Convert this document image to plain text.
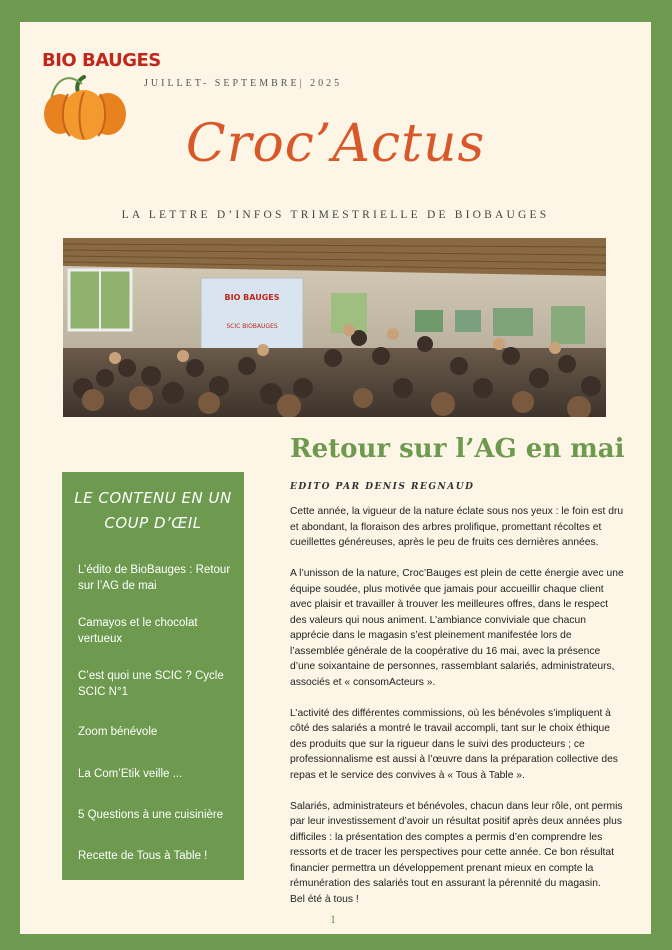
BIO BAUGES
JUILLET- SEPTEMBRE| 2025
Croc’Actus
LA LETTRE D’INFOS TRIMESTRIELLE DE BIOBAUGES
BIO BAUGES
SCIC BIOBAUGES
LE CONTENU EN UN COUP D’ŒIL
L’édito de BioBauges : Retour sur l’AG de mai
Camayos et le chocolat vertueux
C’est quoi une SCIC ? Cycle SCIC N°1
Zoom bénévole
La Com’Etik veille ...
5 Questions à une cuisinière
Recette de Tous à Table !
Retour sur l’AG en mai
EDITO PAR DENIS REGNAUD

Cette année, la vigueur de la nature éclate sous nos yeux : le foin est dru et abondant, la floraison des arbres prolifique, promettant récoltes et cueillettes généreuses, après le peu de fruits ces dernières années.

A l’unisson de la nature, Croc’Bauges est plein de cette énergie avec une équipe soudée, plus motivée que jamais pour accueillir chaque client avec plaisir et travailler à trouver les meilleures offres, dans le respect des valeurs qui nous animent. L’ambiance conviviale que chacun apprécie dans le magasin s’est pleinement manifestée lors de l’assemblée générale de la coopérative du 16 mai, avec la présence d’une soixantaine de personnes, rassemblant salariés, administrateurs, associés et « consomActeurs ».

L’activité des différentes commissions, où les bénévoles s’impliquent à côté des salariés a montré le travail accompli, tant sur le choix éthique des produits que sur la rigueur dans le suivi des producteurs ; ce professionnalisme est aussi à l’œuvre dans la préparation collective des repas et le service des convives à « Tous à Table ».

Salariés, administrateurs et bénévoles, chacun dans leur rôle, ont permis par leur investissement d’avoir un résultat positif après deux années plus difficiles : la présentation des comptes a permis d’en comprendre les ressorts et de tracer les perspectives pour cette année. Ce bon résultat financier permettra un développement prenant mieux en compte la rémunération des salariés tout en assurant la pérennité du magasin.

Bel été à tous !

1
